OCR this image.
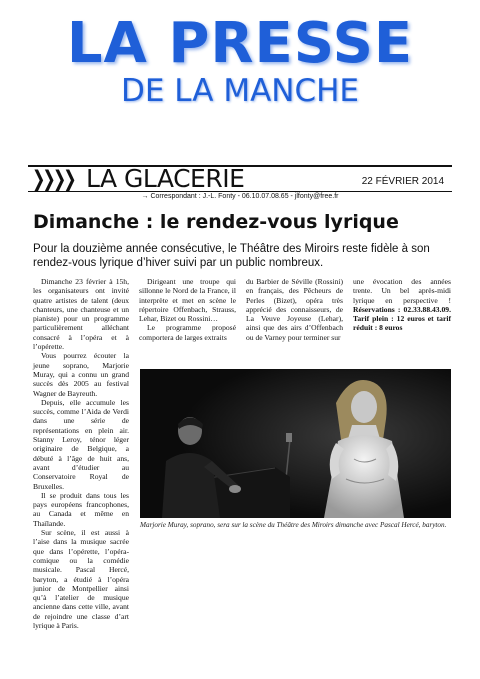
LA PRESSE
DE LA MANCHE
❯❯❯❯ LA GLACERIE	22 FÉVRIER 2014
→ Correspondant : J.-L. Fonty - 06.10.07.08.65 - jlfonty@free.fr
Dimanche : le rendez-vous lyrique
Pour la douzième année consécutive, le Théâtre des Miroirs reste fidèle à son rendez-vous lyrique d’hiver suivi par un public nombreux.

Dimanche 23 février à 15h, les organisateurs ont invité quatre artistes de talent (deux chanteurs, une chanteuse et un pianiste) pour un programme particulièrement alléchant consacré à l’opéra et à l’opérette.

Vous pourrez écouter la jeune soprano, Marjorie Muray, qui a connu un grand succès dès 2005 au festival Wagner de Bayreuth.

Depuis, elle accumule les succès, comme l’Aida de Verdi dans une série de représentations en plein air. Stanny Leroy, ténor léger originaire de Belgique, a débuté à l’âge de huit ans, avant d’étudier au Conservatoire Royal de Bruxelles.

Il se produit dans tous les pays européens francophones, au Canada et même en Thaïlande.

Sur scène, il est aussi à l’aise dans la musique sacrée que dans l’opérette, l’opéra-comique ou la comédie musicale. Pascal Hercé, baryton, a étudié à l’opéra junior de Montpellier ainsi qu’à l’atelier de musique ancienne dans cette ville, avant de rejoindre une classe d’art lyrique à Paris.

Dirigeant une troupe qui sillonne le Nord de la France, il interprète et met en scène le répertoire Offenbach, Strauss, Lehar, Bizet ou Rossini…

Le programme proposé comportera de larges extraits

du Barbier de Séville (Rossini) en français, des Pêcheurs de Perles (Bizet), opéra très apprécié des connaisseurs, de La Veuve Joyeuse (Lehar), ainsi que des airs d’Offenbach ou de Varney pour terminer sur

une évocation des années trente. Un bel après-midi lyrique en perspective ! Réservations : 02.33.88.43.09. Tarif plein : 12 euros et tarif réduit : 8 euros

Marjorie Muray, soprano, sera sur la scène du Théâtre des Miroirs dimanche avec Pascal Hercé, baryton.
